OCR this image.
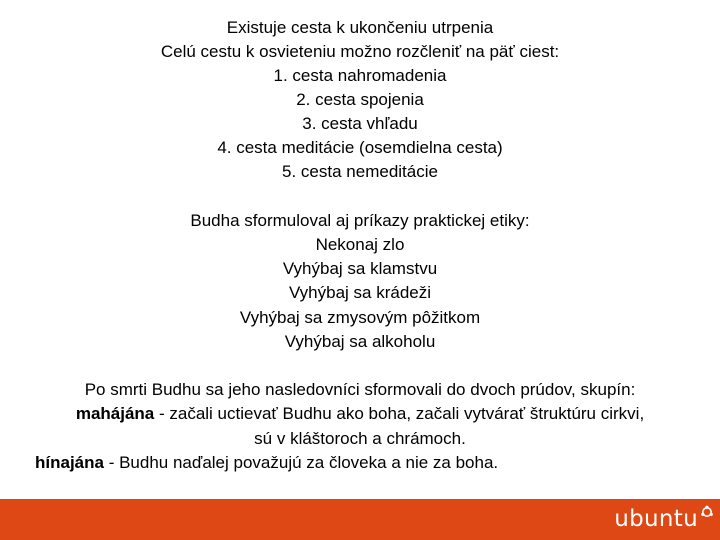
Existuje cesta k ukončeniu utrpenia
Celú cestu k osvieteniu možno rozčleniť na päť ciest:
1. cesta nahromadenia
2. cesta spojenia
3. cesta vhľadu
4. cesta meditácie (osemdielna cesta)
5. cesta nemeditácie
Budha sformuloval aj príkazy praktickej etiky:
Nekonaj zlo
Vyhýbaj sa klamstvu
Vyhýbaj sa krádeži
Vyhýbaj sa zmysovým pôžitkom
Vyhýbaj sa alkoholu
Po smrti Budhu sa jeho nasledovníci sformovali do dvoch prúdov, skupín:
mahájána - začali uctievať Budhu ako boha, začali vytvárať štruktúru cirkvi,
sú v kláštoroch a chrámoch.
hínajána - Budhu naďalej považujú za človeka a nie za boha.
ubuntu
